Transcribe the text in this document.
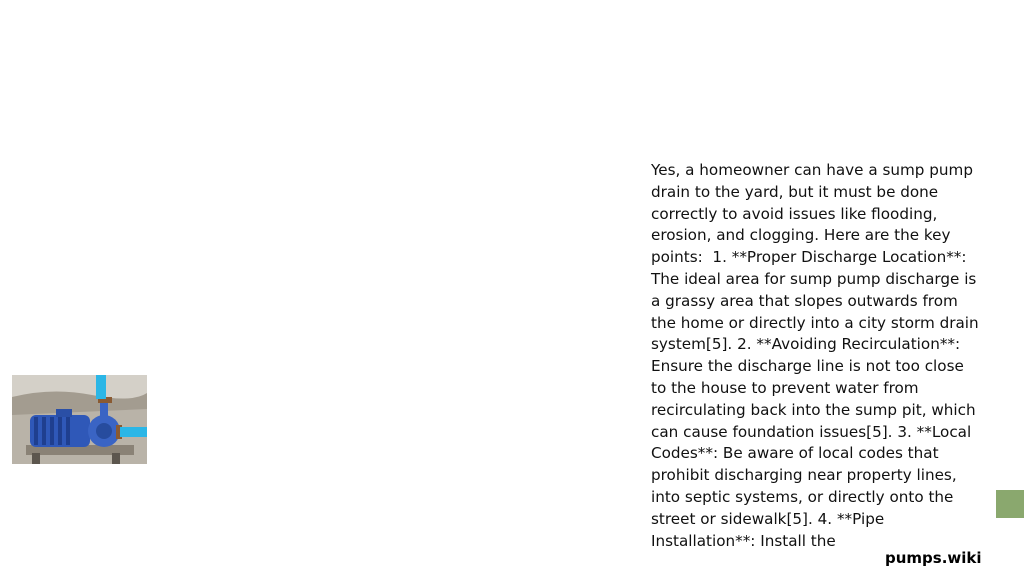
Yes, a homeowner can have a sump pump drain to the yard, but it must be done correctly to avoid issues like flooding, erosion, and clogging. Here are the key points:  1. **Proper Discharge Location**: The ideal area for sump pump discharge is a grassy area that slopes outwards from the home or directly into a city storm drain system[5]. 2. **Avoiding Recirculation**: Ensure the discharge line is not too close to the house to prevent water from recirculating back into the sump pit, which can cause foundation issues[5]. 3. **Local Codes**: Be aware of local codes that prohibit discharging near property lines, into septic systems, or directly onto the street or sidewalk[5]. 4. **Pipe Installation**: Install the
pumps.wiki
